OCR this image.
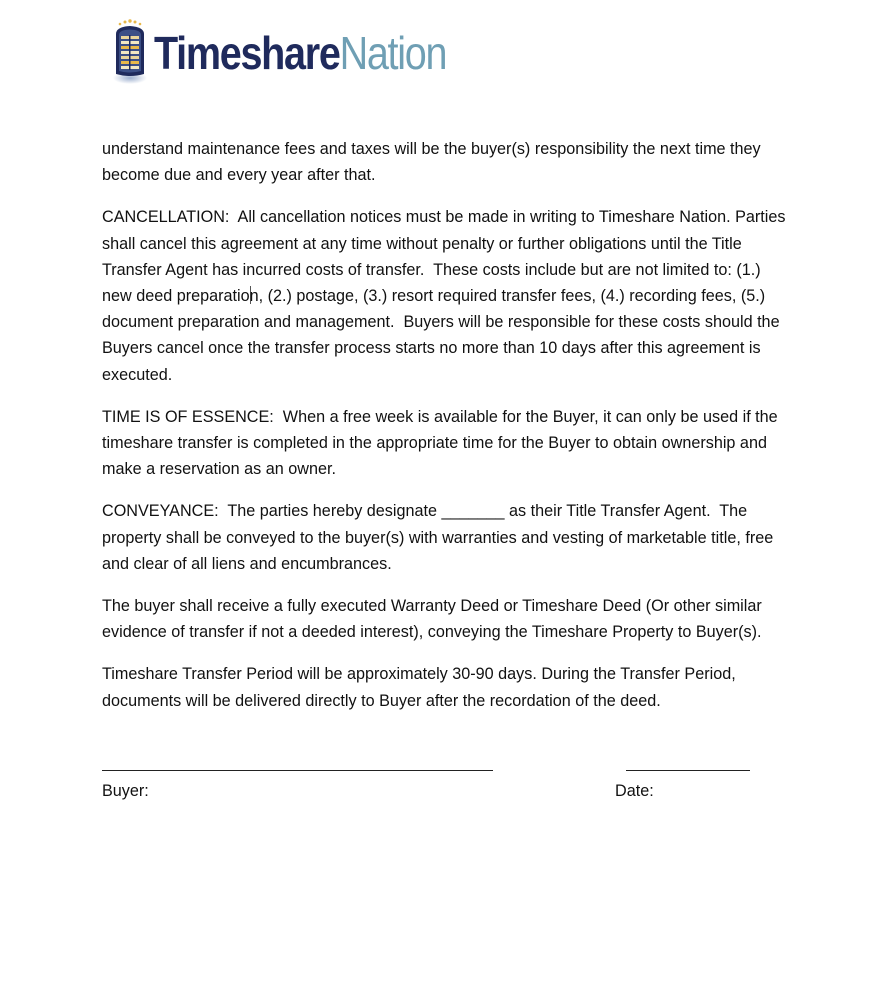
TimeshareNation

understand maintenance fees and taxes will be the buyer(s) responsibility the next time they become due and every year after that.

CANCELLATION:  All cancellation notices must be made in writing to Timeshare Nation. Parties shall cancel this agreement at any time without penalty or further obligations until the Title Transfer Agent has incurred costs of transfer.  These costs include but are not limited to: (1.) new deed preparation, (2.) postage, (3.) resort required transfer fees, (4.) recording fees, (5.) document preparation and management.  Buyers will be responsible for these costs should the Buyers cancel once the transfer process starts no more than 10 days after this agreement is executed.

TIME IS OF ESSENCE:  When a free week is available for the Buyer, it can only be used if the timeshare transfer is completed in the appropriate time for the Buyer to obtain ownership and make a reservation as an owner.

CONVEYANCE:  The parties hereby designate _______ as their Title Transfer Agent.  The property shall be conveyed to the buyer(s) with warranties and vesting of marketable title, free and clear of all liens and encumbrances.

The buyer shall receive a fully executed Warranty Deed or Timeshare Deed (Or other similar evidence of transfer if not a deeded interest), conveying the Timeshare Property to Buyer(s).

Timeshare Transfer Period will be approximately 30-90 days. During the Transfer Period, documents will be delivered directly to Buyer after the recordation of the deed.

Buyer:	Date:
